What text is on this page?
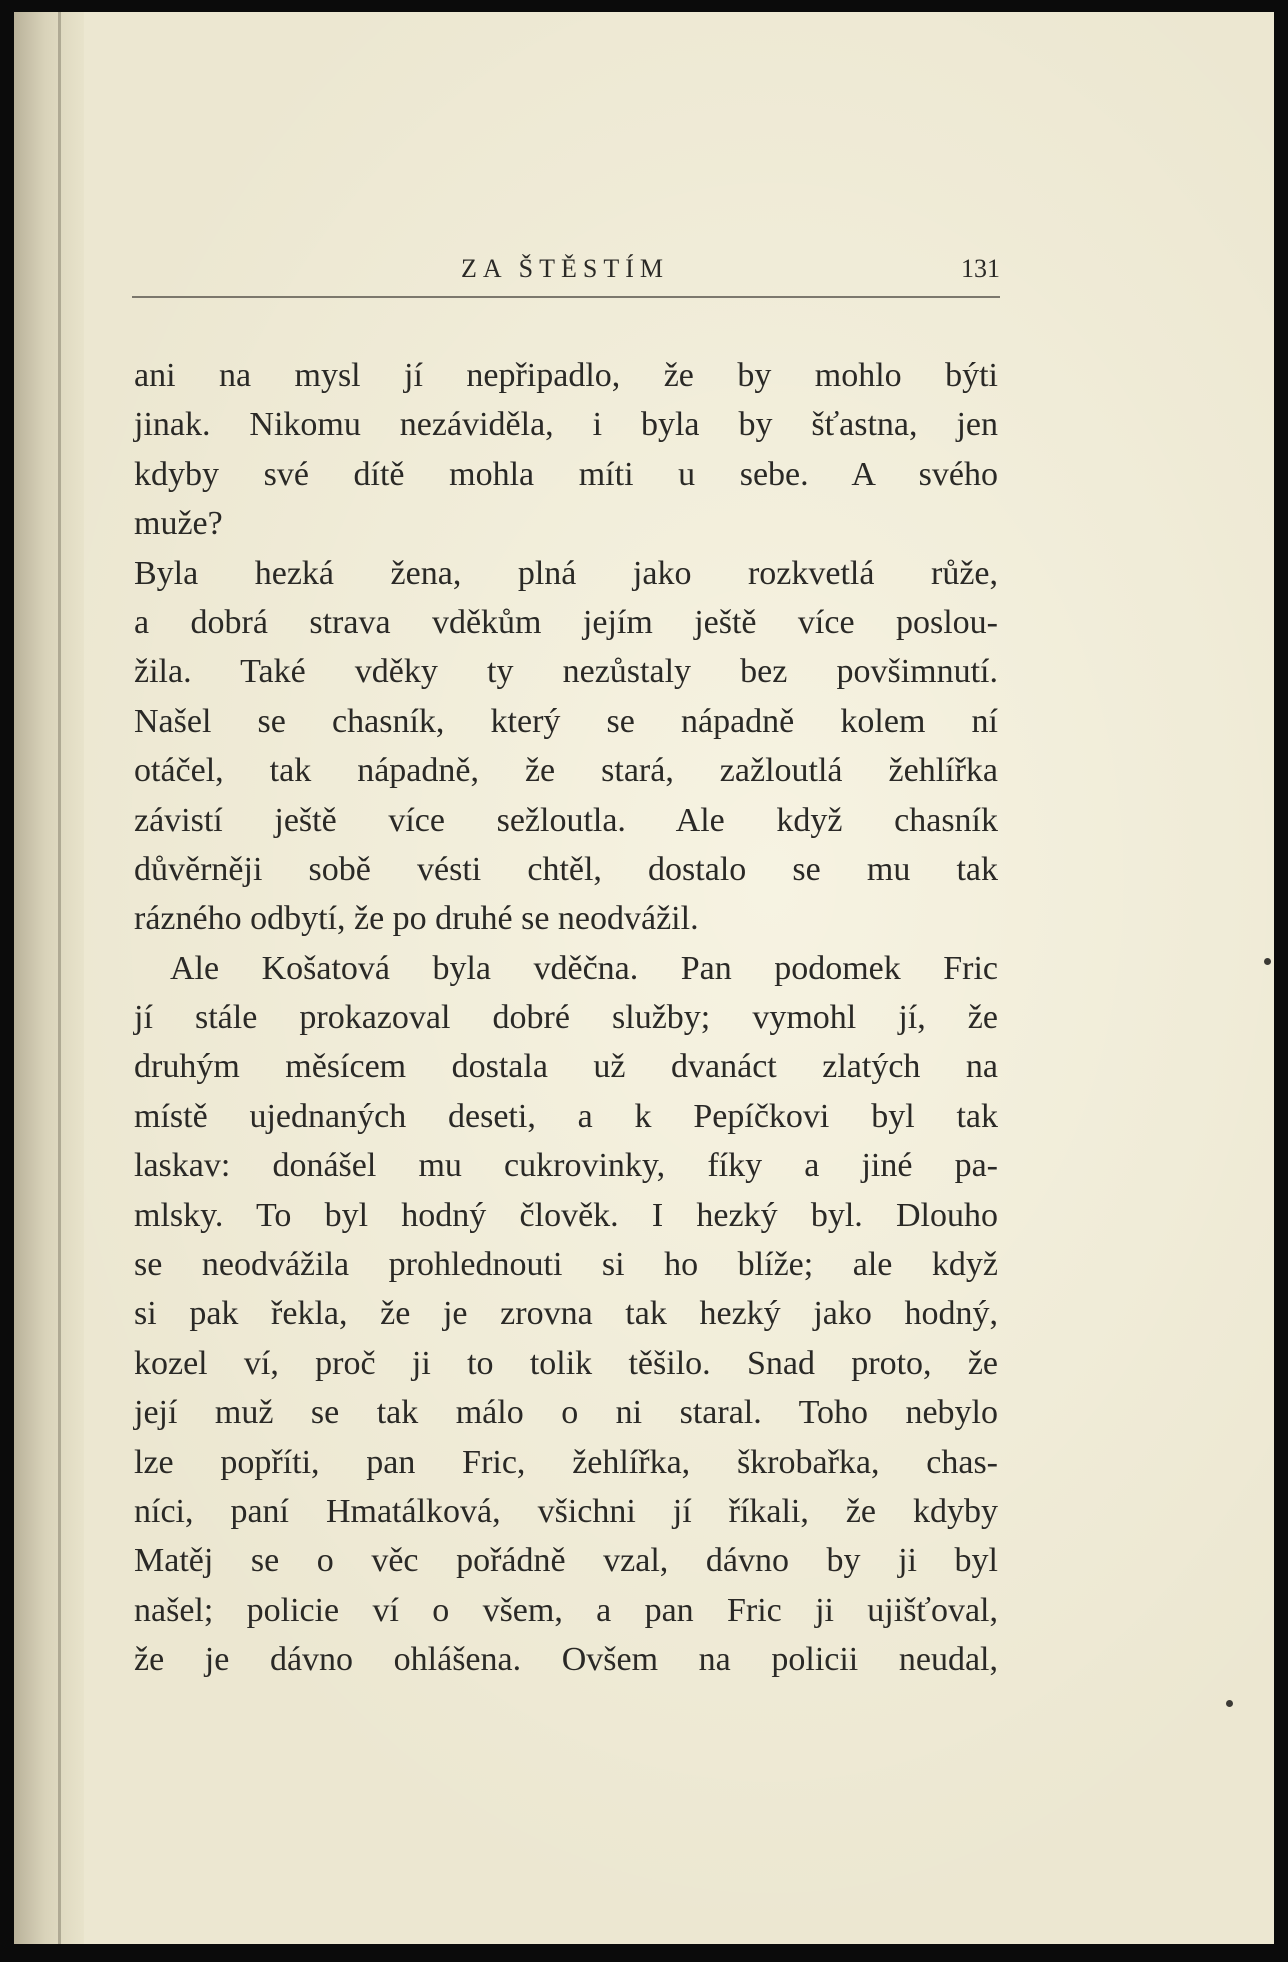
ZA ŠTĚSTÍM	131
ani na mysl jí nepřipadlo, že by mohlo býti
jinak. Nikomu nezáviděla, i byla by šťastna, jen
kdyby své dítě mohla míti u sebe. A svého
muže?
Byla hezká žena, plná jako rozkvetlá růže,
a dobrá strava vděkům jejím ještě více poslou-
žila. Také vděky ty nezůstaly bez povšimnutí.
Našel se chasník, který se nápadně kolem ní
otáčel, tak nápadně, že stará, zažloutlá žehlířka
závistí ještě více sežloutla. Ale když chasník
důvěrněji sobě vésti chtěl, dostalo se mu tak
rázného odbytí, že po druhé se neodvážil.
Ale Košatová byla vděčna. Pan podomek Fric
jí stále prokazoval dobré služby; vymohl jí, že
druhým měsícem dostala už dvanáct zlatých na
místě ujednaných deseti, a k Pepíčkovi byl tak
laskav: donášel mu cukrovinky, fíky a jiné pa-
mlsky. To byl hodný člověk. I hezký byl. Dlouho
se neodvážila prohlednouti si ho blíže; ale když
si pak řekla, že je zrovna tak hezký jako hodný,
kozel ví, proč ji to tolik těšilo. Snad proto, že
její muž se tak málo o ni staral. Toho nebylo
lze popříti, pan Fric, žehlířka, škrobařka, chas-
níci, paní Hmatálková, všichni jí říkali, že kdyby
Matěj se o věc pořádně vzal, dávno by ji byl
našel; policie ví o všem, a pan Fric ji ujišťoval,
že je dávno ohlášena. Ovšem na policii neudal,
